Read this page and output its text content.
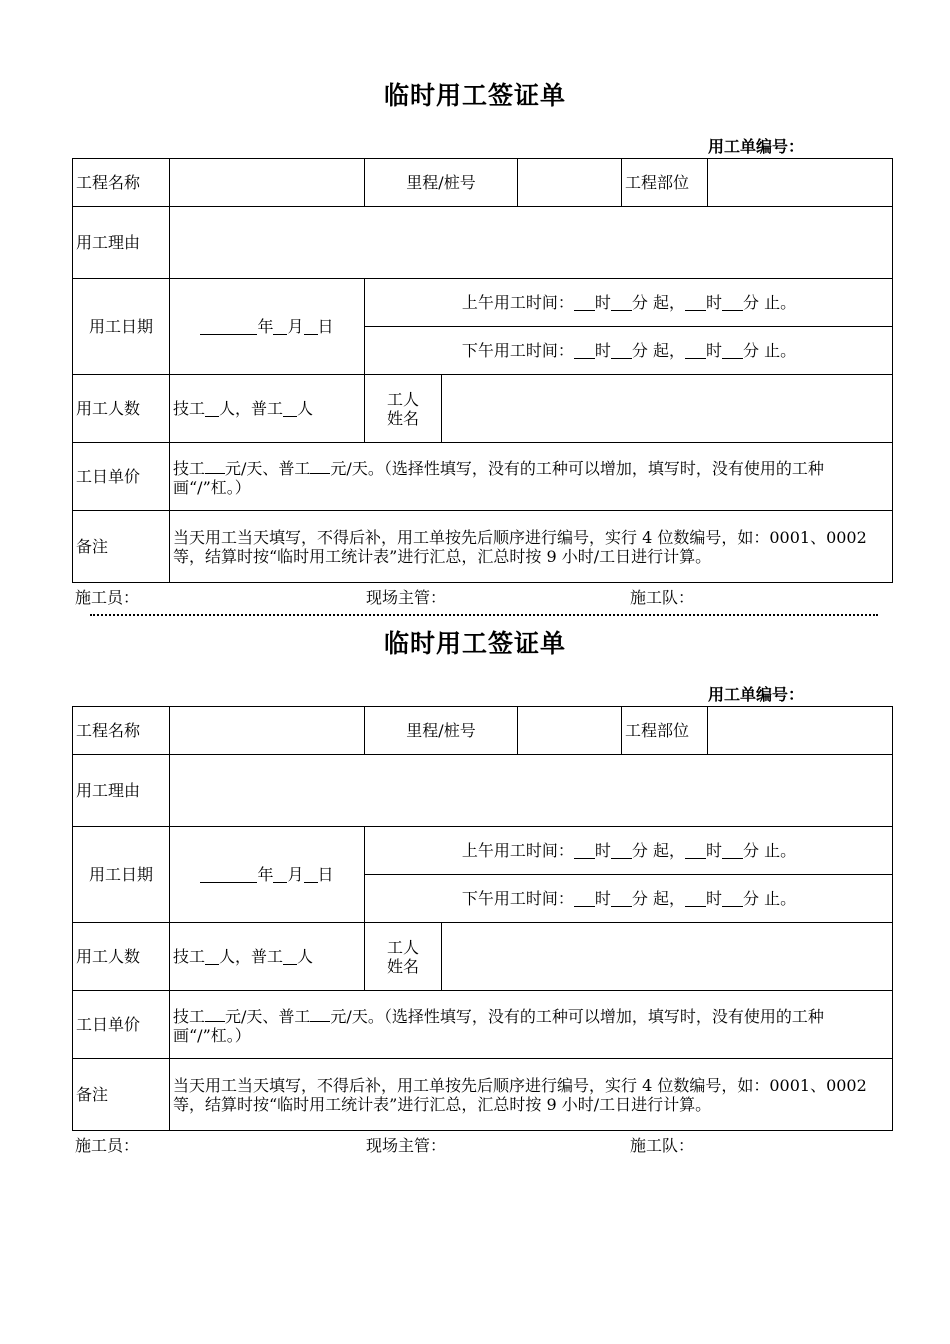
临时用工签证单
用工单编号：
工程名称	里程/桩号	工程部位
用工理由
用工日期	年 月 日
上午用工时间： 时 分 起， 时 分 止。
下午用工时间： 时 分 起， 时 分 止。
用工人数	技工 人，普工 人	工人姓名
工日单价	技工 元/天、普工 元/天。（选择性填写，没有的工种可以增加，填写时，没有使用的工种画“/”杠。）
备注	当天用工当天填写，不得后补，用工单按先后顺序进行编号，实行 4 位数编号，如：0001、0002 等，结算时按“临时用工统计表”进行汇总，汇总时按 9 小时/工日进行计算。
施工员：	现场主管：	施工队：
临时用工签证单
用工单编号：
工程名称	里程/桩号	工程部位
用工理由
用工日期	年 月 日
上午用工时间： 时 分 起， 时 分 止。
下午用工时间： 时 分 起， 时 分 止。
用工人数	技工 人，普工 人	工人姓名
工日单价	技工 元/天、普工 元/天。（选择性填写，没有的工种可以增加，填写时，没有使用的工种画“/”杠。）
备注	当天用工当天填写，不得后补，用工单按先后顺序进行编号，实行 4 位数编号，如：0001、0002 等，结算时按“临时用工统计表”进行汇总，汇总时按 9 小时/工日进行计算。
施工员：	现场主管：	施工队：
